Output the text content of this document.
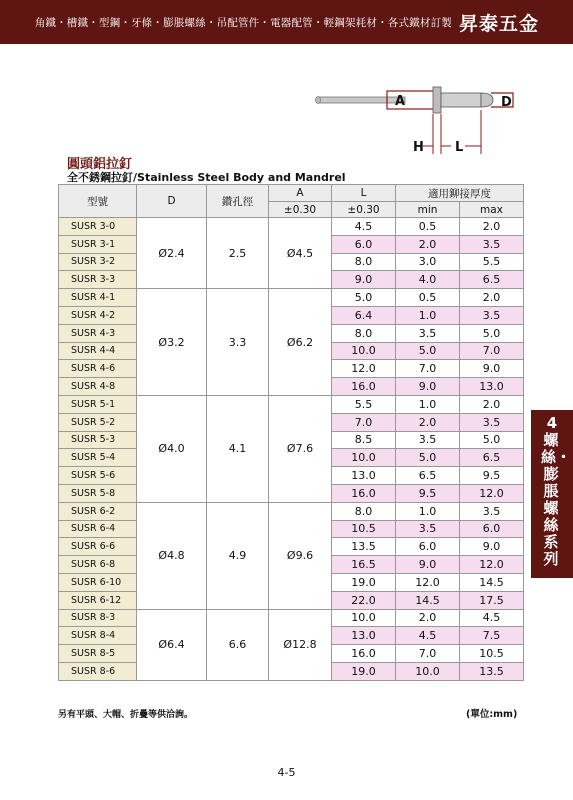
角鐵・槽鐵・型鋼・牙條・膨脹螺絲・吊配管件・電器配管・輕鋼架耗材・各式鐵材訂製 昇泰五金
A	D
H L
圓頭鋁拉釘
全不銹鋼拉釘/Stainless Steel Body and Mandrel
型號	D	鑽孔徑	A	L	適用鉚接厚度	
			±0.30	±0.30	min	max
SUSR 3-0	Ø2.4	2.5	Ø4.5	4.5	0.5	2.0
SUSR 3-1				6.0	2.0	3.5
SUSR 3-2				8.0	3.0	5.5
SUSR 3-3				9.0	4.0	6.5
SUSR 4-1	Ø3.2	3.3	Ø6.2	5.0	0.5	2.0
SUSR 4-2				6.4	1.0	3.5
SUSR 4-3				8.0	3.5	5.0
SUSR 4-4				10.0	5.0	7.0
SUSR 4-6				12.0	7.0	9.0
SUSR 4-8				16.0	9.0	13.0
SUSR 5-1	Ø4.0	4.1	Ø7.6	5.5	1.0	2.0
SUSR 5-2				7.0	2.0	3.5
SUSR 5-3				8.5	3.5	5.0
SUSR 5-4				10.0	5.0	6.5
SUSR 5-6				13.0	6.5	9.5
SUSR 5-8				16.0	9.5	12.0
SUSR 6-2	Ø4.8	4.9	Ø9.6	8.0	1.0	3.5
SUSR 6-4				10.5	3.5	6.0
SUSR 6-6				13.5	6.0	9.0
SUSR 6-8				16.5	9.0	12.0
SUSR 6-10				19.0	12.0	14.5
SUSR 6-12				22.0	14.5	17.5
SUSR 8-3	Ø6.4	6.6	Ø12.8	10.0	2.0	4.5
SUSR 8-4				13.0	4.5	7.5
SUSR 8-5				16.0	7.0	10.5
SUSR 8-6				19.0	10.0	13.5
另有平頭、大帽、折疊等供洽詢。	(單位:mm)
4-5
4
螺絲・膨脹螺絲系列
